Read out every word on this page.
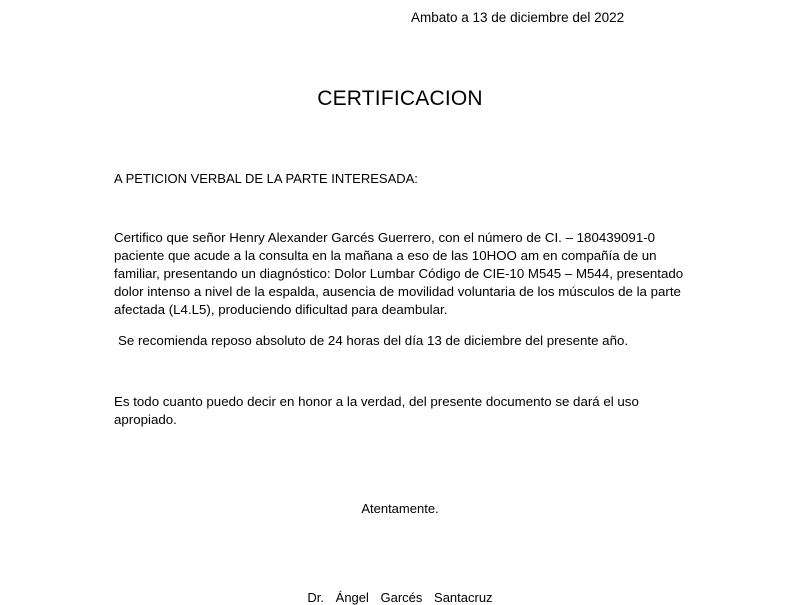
Ambato a 13 de diciembre del 2022
CERTIFICACION
A PETICION VERBAL DE LA PARTE INTERESADA:

Certifico que señor Henry Alexander Garcés Guerrero, con el número de CI. – 180439091-0 paciente que acude a la consulta en la mañana a eso de las 10HOO am en compañía de un familiar, presentando un diagnóstico: Dolor Lumbar Código de CIE-10 M545 – M544, presentado dolor intenso a nivel de la espalda, ausencia de movilidad voluntaria de los músculos de la parte afectada (L4.L5), produciendo dificultad para deambular.

Se recomienda reposo absoluto de 24 horas del día 13 de diciembre del presente año.

Es todo cuanto puedo decir en honor a la verdad, del presente documento se dará el uso apropiado.

Atentamente.
Dr. Ángel Garcés Santacruz
